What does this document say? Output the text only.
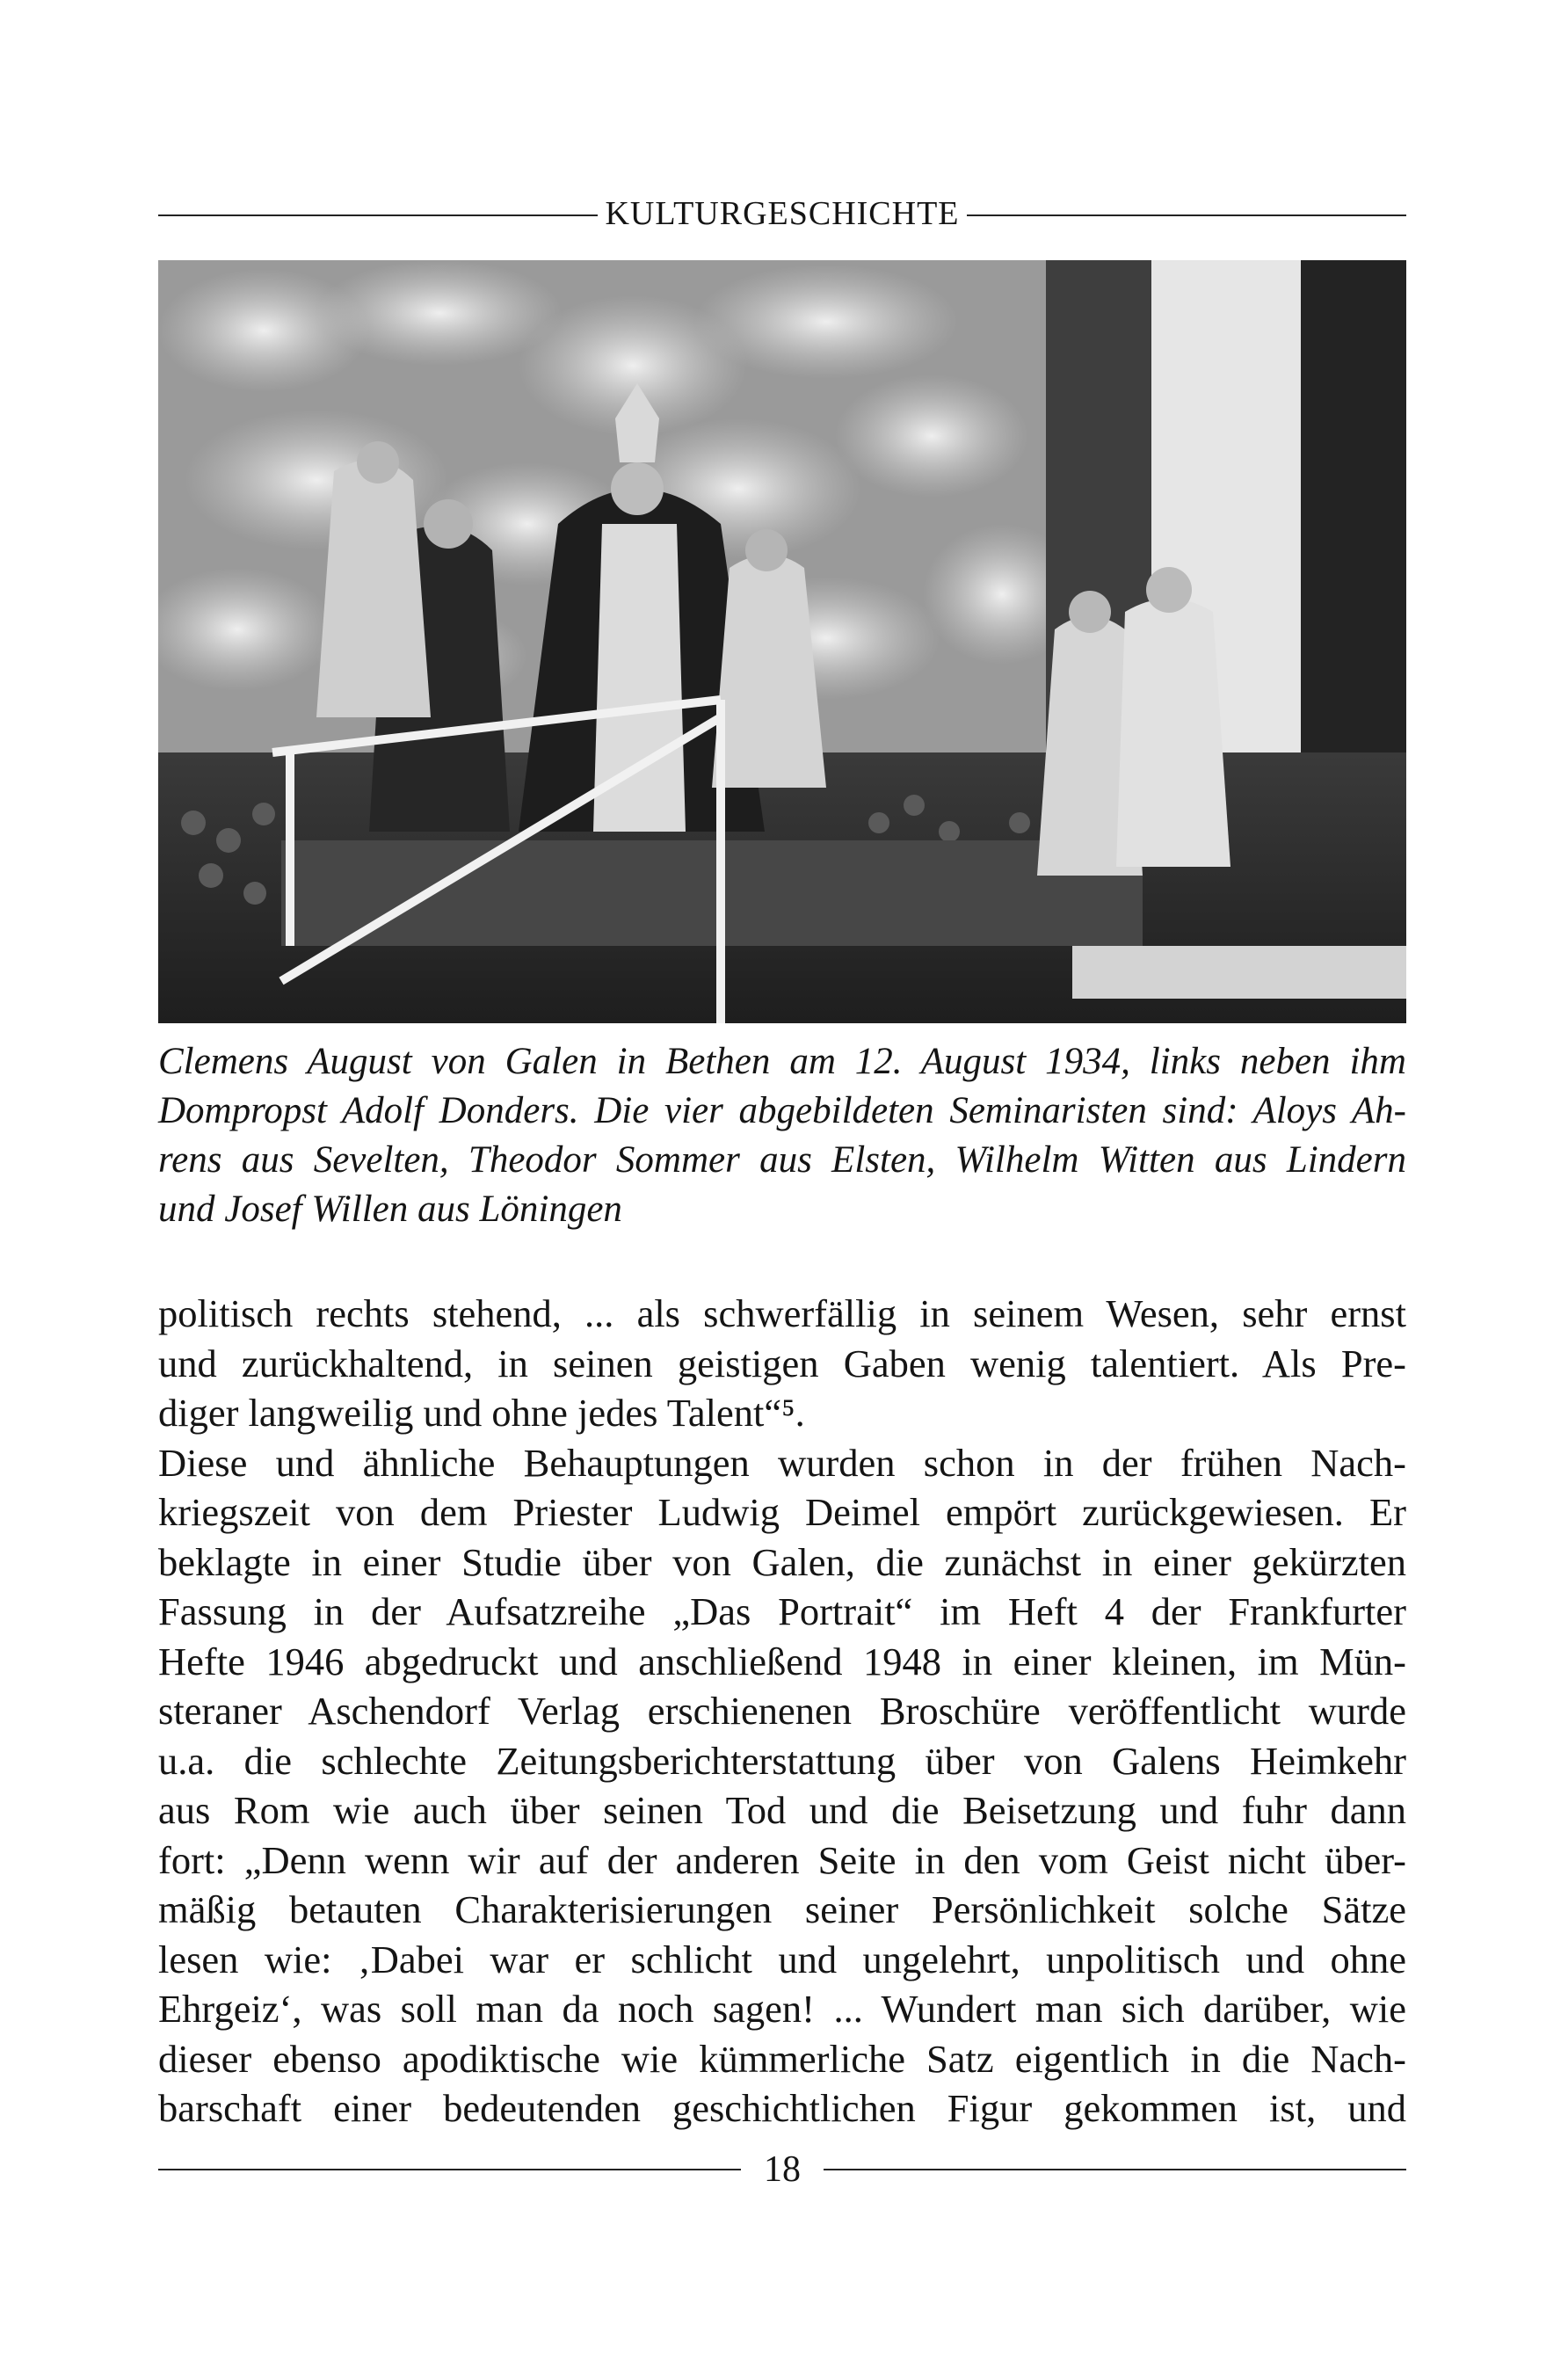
KULTURGESCHICHTE
Clemens August von Galen in Bethen am 12. August 1934, links neben ihm
Dompropst Adolf Donders. Die vier abgebildeten Seminaristen sind: Aloys Ah-
rens aus Sevelten, Theodor Sommer aus Elsten, Wilhelm Witten aus Lindern
und Josef Willen aus Löningen
politisch rechts stehend, ... als schwerfällig in seinem Wesen, sehr ernst
und zurückhaltend, in seinen geistigen Gaben wenig talentiert. Als Pre-
diger langweilig und ohne jedes Talent“⁵.
Diese und ähnliche Behauptungen wurden schon in der frühen Nach-
kriegszeit von dem Priester Ludwig Deimel empört zurückgewiesen. Er
beklagte in einer Studie über von Galen, die zunächst in einer gekürzten
Fassung in der Aufsatzreihe „Das Portrait“ im Heft 4 der Frankfurter
Hefte 1946 abgedruckt und anschließend 1948 in einer kleinen, im Mün-
steraner Aschendorf Verlag erschienenen Broschüre veröffentlicht wurde
u.a. die schlechte Zeitungsberichterstattung über von Galens Heimkehr
aus Rom wie auch über seinen Tod und die Beisetzung und fuhr dann
fort: „Denn wenn wir auf der anderen Seite in den vom Geist nicht über-
mäßig betauten Charakterisierungen seiner Persönlichkeit solche Sätze
lesen wie: ‚Dabei war er schlicht und ungelehrt, unpolitisch und ohne
Ehrgeiz‘, was soll man da noch sagen! ... Wundert man sich darüber, wie
dieser ebenso apodiktische wie kümmerliche Satz eigentlich in die Nach-
barschaft einer bedeutenden geschichtlichen Figur gekommen ist, und
18
